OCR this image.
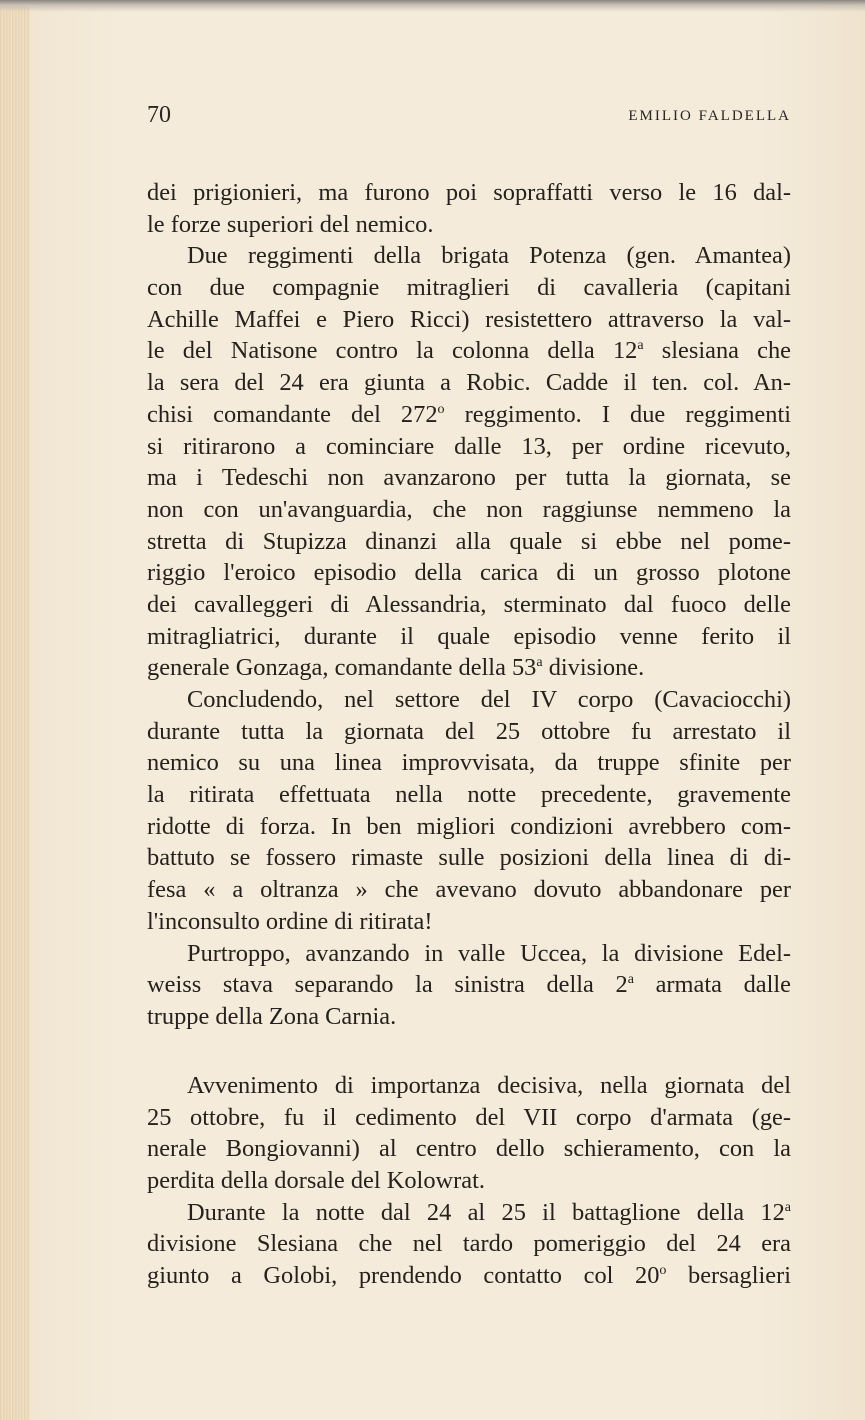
70	EMILIO FALDELLA
dei prigionieri, ma furono poi sopraffatti verso le 16 dal-
le forze superiori del nemico.
Due reggimenti della brigata Potenza (gen. Amantea)
con due compagnie mitraglieri di cavalleria (capitani
Achille Maffei e Piero Ricci) resistettero attraverso la val-
le del Natisone contro la colonna della 12$^a$ slesiana che
la sera del 24 era giunta a Robic. Cadde il ten. col. An-
chisi comandante del 272$^o$ reggimento. I due reggimenti
si ritirarono a cominciare dalle 13, per ordine ricevuto,
ma i Tedeschi non avanzarono per tutta la giornata, se
non con un'avanguardia, che non raggiunse nemmeno la
stretta di Stupizza dinanzi alla quale si ebbe nel pome-
riggio l'eroico episodio della carica di un grosso plotone
dei cavalleggeri di Alessandria, sterminato dal fuoco delle
mitragliatrici, durante il quale episodio venne ferito il
generale Gonzaga, comandante della 53$^a$ divisione.
Concludendo, nel settore del IV corpo (Cavaciocchi)
durante tutta la giornata del 25 ottobre fu arrestato il
nemico su una linea improvvisata, da truppe sfinite per
la ritirata effettuata nella notte precedente, gravemente
ridotte di forza. In ben migliori condizioni avrebbero com-
battuto se fossero rimaste sulle posizioni della linea di di-
fesa « a oltranza » che avevano dovuto abbandonare per
l'inconsulto ordine di ritirata!
Purtroppo, avanzando in valle Uccea, la divisione Edel-
weiss stava separando la sinistra della 2$^a$ armata dalle
truppe della Zona Carnia.
Avvenimento di importanza decisiva, nella giornata del
25 ottobre, fu il cedimento del VII corpo d'armata (ge-
nerale Bongiovanni) al centro dello schieramento, con la
perdita della dorsale del Kolowrat.
Durante la notte dal 24 al 25 il battaglione della 12$^a$
divisione Slesiana che nel tardo pomeriggio del 24 era
giunto a Golobi, prendendo contatto col 20$^o$ bersaglieri
